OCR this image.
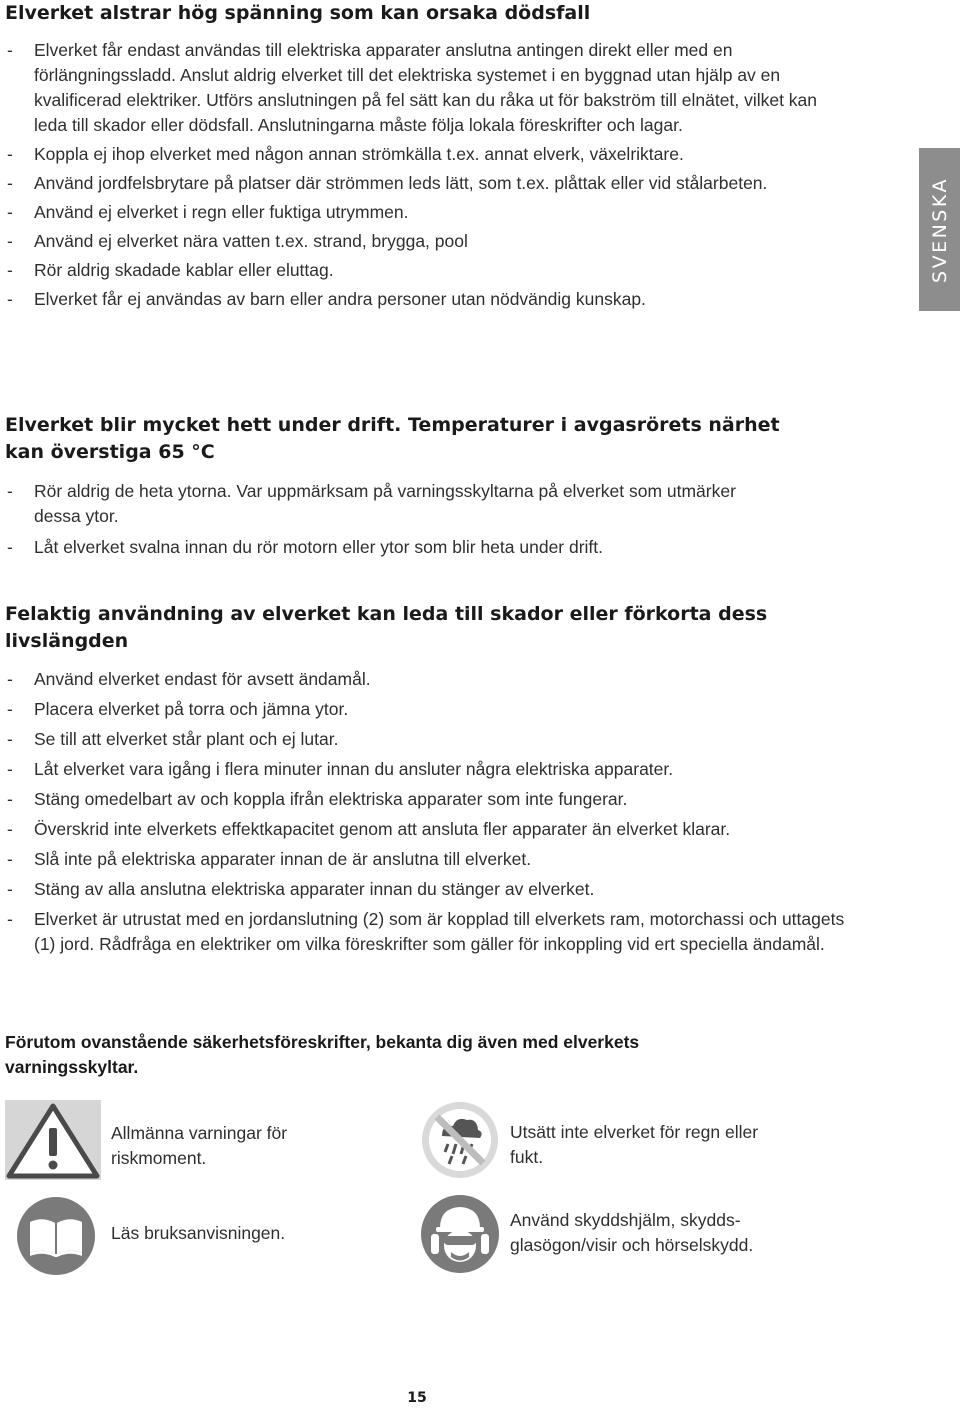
Elverket alstrar hög spänning som kan orsaka dödsfall
- Elverket får endast användas till elektriska apparater anslutna antingen direkt eller med en förlängningssladd. Anslut aldrig elverket till det elektriska systemet i en byggnad utan hjälp av en kvalificerad elektriker. Utförs anslutningen på fel sätt kan du råka ut för bakström till elnätet, vilket kan leda till skador eller dödsfall. Anslutningarna måste följa lokala föreskrifter och lagar.
- Koppla ej ihop elverket med någon annan strömkälla t.ex. annat elverk, växelriktare.
- Använd jordfelsbrytare på platser där strömmen leds lätt, som t.ex. plåttak eller vid stålarbeten.
- Använd ej elverket i regn eller fuktiga utrymmen.
- Använd ej elverket nära vatten t.ex. strand, brygga, pool
- Rör aldrig skadade kablar eller eluttag.
- Elverket får ej användas av barn eller andra personer utan nödvändig kunskap.
SVENSKA
Elverket blir mycket hett under drift. Temperaturer i avgasrörets närhet kan överstiga 65 °C
- Rör aldrig de heta ytorna. Var uppmärksam på varningsskyltarna på elverket som utmärker dessa ytor.
- Låt elverket svalna innan du rör motorn eller ytor som blir heta under drift.
Felaktig användning av elverket kan leda till skador eller förkorta dess livslängden
- Använd elverket endast för avsett ändamål.
- Placera elverket på torra och jämna ytor.
- Se till att elverket står plant och ej lutar.
- Låt elverket vara igång i flera minuter innan du ansluter några elektriska apparater.
- Stäng omedelbart av och koppla ifrån elektriska apparater som inte fungerar.
- Överskrid inte elverkets effektkapacitet genom att ansluta fler apparater än elverket klarar.
- Slå inte på elektriska apparater innan de är anslutna till elverket.
- Stäng av alla anslutna elektriska apparater innan du stänger av elverket.
- Elverket är utrustat med en jordanslutning (2) som är kopplad till elverkets ram, motorchassi och uttagets (1) jord. Rådfråga en elektriker om vilka föreskrifter som gäller för inkoppling vid ert speciella ändamål.

Förutom ovanstående säkerhetsföreskrifter, bekanta dig även med elverkets varningsskyltar.

Allmänna varningar för riskmoment.
Utsätt inte elverket för regn eller fukt.
Läs bruksanvisningen.
Använd skyddshjälm, skydds-glasögon/visir och hörselskydd.
15
